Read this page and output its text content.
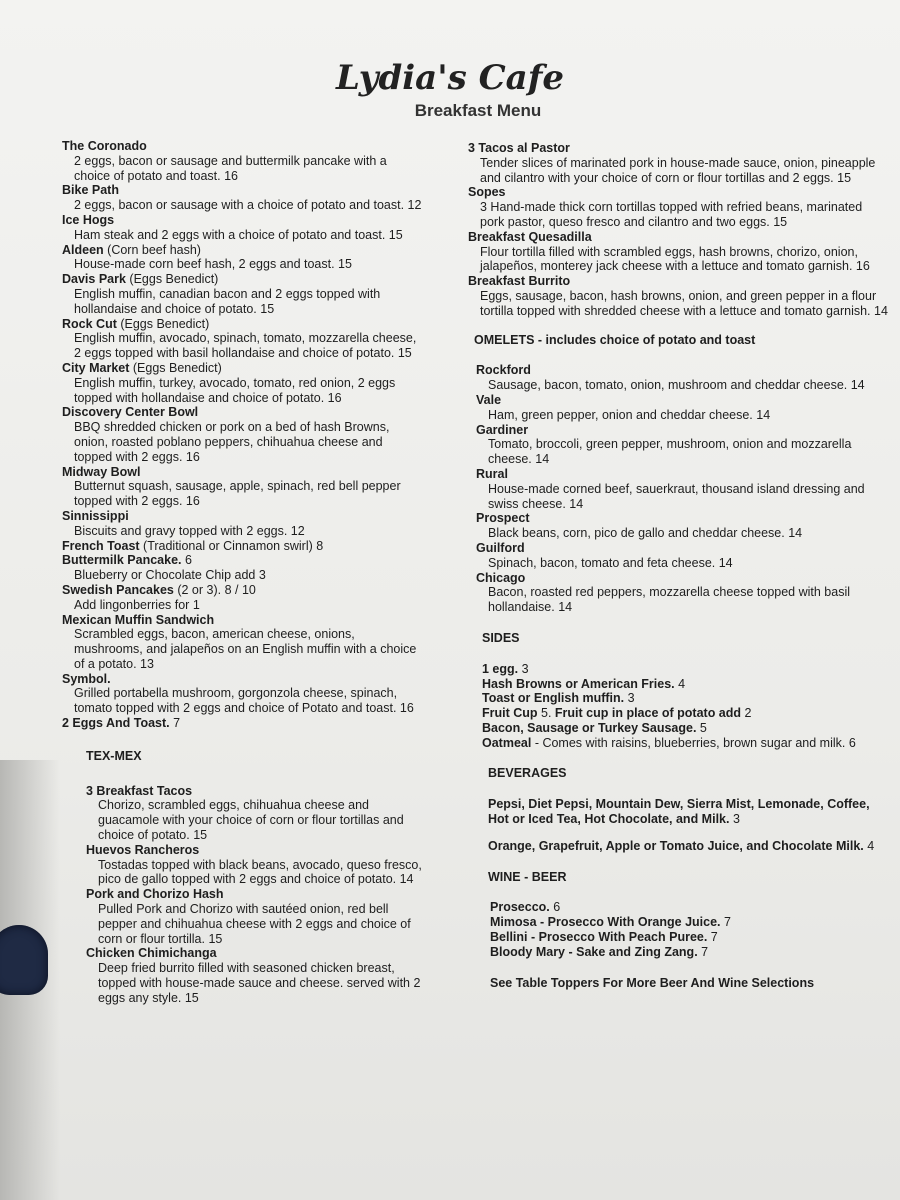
Lydia's Cafe
Breakfast Menu
The Coronado

2 eggs, bacon or sausage and buttermilk pancake with a choice of potato and toast. 16

Bike Path

2 eggs, bacon or sausage with a choice of potato and toast. 12

Ice Hogs

Ham steak and 2 eggs with a choice of potato and toast. 15

Aldeen (Corn beef hash)

House-made corn beef hash, 2 eggs and toast. 15

Davis Park (Eggs Benedict)

English muffin, canadian bacon and 2 eggs topped with hollandaise and choice of potato. 15

Rock Cut (Eggs Benedict)

English muffin, avocado, spinach, tomato, mozzarella cheese, 2 eggs topped with basil hollandaise and choice of potato. 15

City Market (Eggs Benedict)

English muffin, turkey, avocado, tomato, red onion, 2 eggs topped with hollandaise and choice of potato. 16

Discovery Center Bowl

BBQ shredded chicken or pork on a bed of hash Browns, onion, roasted poblano peppers, chihuahua cheese and topped with 2 eggs. 16

Midway Bowl

Butternut squash, sausage, apple, spinach, red bell pepper topped with 2 eggs. 16

Sinnissippi

Biscuits and gravy topped with 2 eggs. 12

French Toast (Traditional or Cinnamon swirl) 8
Buttermilk Pancake. 6

Blueberry or Chocolate Chip add 3

Swedish Pancakes (2 or 3). 8 / 10

Add lingonberries for 1

Mexican Muffin Sandwich

Scrambled eggs, bacon, american cheese, onions, mushrooms, and jalapeños on an English muffin with a choice of a potato. 13

Symbol.

Grilled portabella mushroom, gorgonzola cheese, spinach, tomato topped with 2 eggs and choice of Potato and toast. 16

2 Eggs And Toast. 7
TEX-MEX
3 Breakfast Tacos

Chorizo, scrambled eggs, chihuahua cheese and guacamole with your choice of corn or flour tortillas and choice of potato. 15

Huevos Rancheros

Tostadas topped with black beans, avocado, queso fresco, pico de gallo topped with 2 eggs and choice of potato. 14

Pork and Chorizo Hash

Pulled Pork and Chorizo with sautéed onion, red bell pepper and chihuahua cheese with 2 eggs and choice of corn or flour tortilla. 15

Chicken Chimichanga

Deep fried burrito filled with seasoned chicken breast, topped with house-made sauce and cheese. served with 2 eggs any style. 15

3 Tacos al Pastor

Tender slices of marinated pork in house-made sauce, onion, pineapple and cilantro with your choice of corn or flour tortillas and 2 eggs. 15

Sopes

3 Hand-made thick corn tortillas topped with refried beans, marinated pork pastor, queso fresco and cilantro and two eggs. 15

Breakfast Quesadilla

Flour tortilla filled with scrambled eggs, hash browns, chorizo, onion, jalapeños, monterey jack cheese with a lettuce and tomato garnish. 16

Breakfast Burrito

Eggs, sausage, bacon, hash browns, onion, and green pepper in a flour tortilla topped with shredded cheese with a lettuce and tomato garnish. 14

OMELETS - includes choice of potato and toast
Rockford

Sausage, bacon, tomato, onion, mushroom and cheddar cheese. 14

Vale

Ham, green pepper, onion and cheddar cheese. 14

Gardiner

Tomato, broccoli, green pepper, mushroom, onion and mozzarella cheese. 14

Rural

House-made corned beef, sauerkraut, thousand island dressing and swiss cheese. 14

Prospect

Black beans, corn, pico de gallo and cheddar cheese. 14

Guilford

Spinach, bacon, tomato and feta cheese. 14

Chicago

Bacon, roasted red peppers, mozzarella cheese topped with basil hollandaise. 14

SIDES

1 egg. 3

Hash Browns or American Fries. 4

Toast or English muffin. 3

Fruit Cup 5. Fruit cup in place of potato add 2

Bacon, Sausage or Turkey Sausage. 5

Oatmeal - Comes with raisins, blueberries, brown sugar and milk. 6

BEVERAGES

Pepsi, Diet Pepsi, Mountain Dew, Sierra Mist, Lemonade, Coffee, Hot or Iced Tea, Hot Chocolate, and Milk. 3

Orange, Grapefruit, Apple or Tomato Juice, and Chocolate Milk. 4

WINE - BEER

Prosecco. 6

Mimosa - Prosecco With Orange Juice. 7

Bellini - Prosecco With Peach Puree. 7

Bloody Mary - Sake and Zing Zang. 7

See Table Toppers For More Beer And Wine Selections
